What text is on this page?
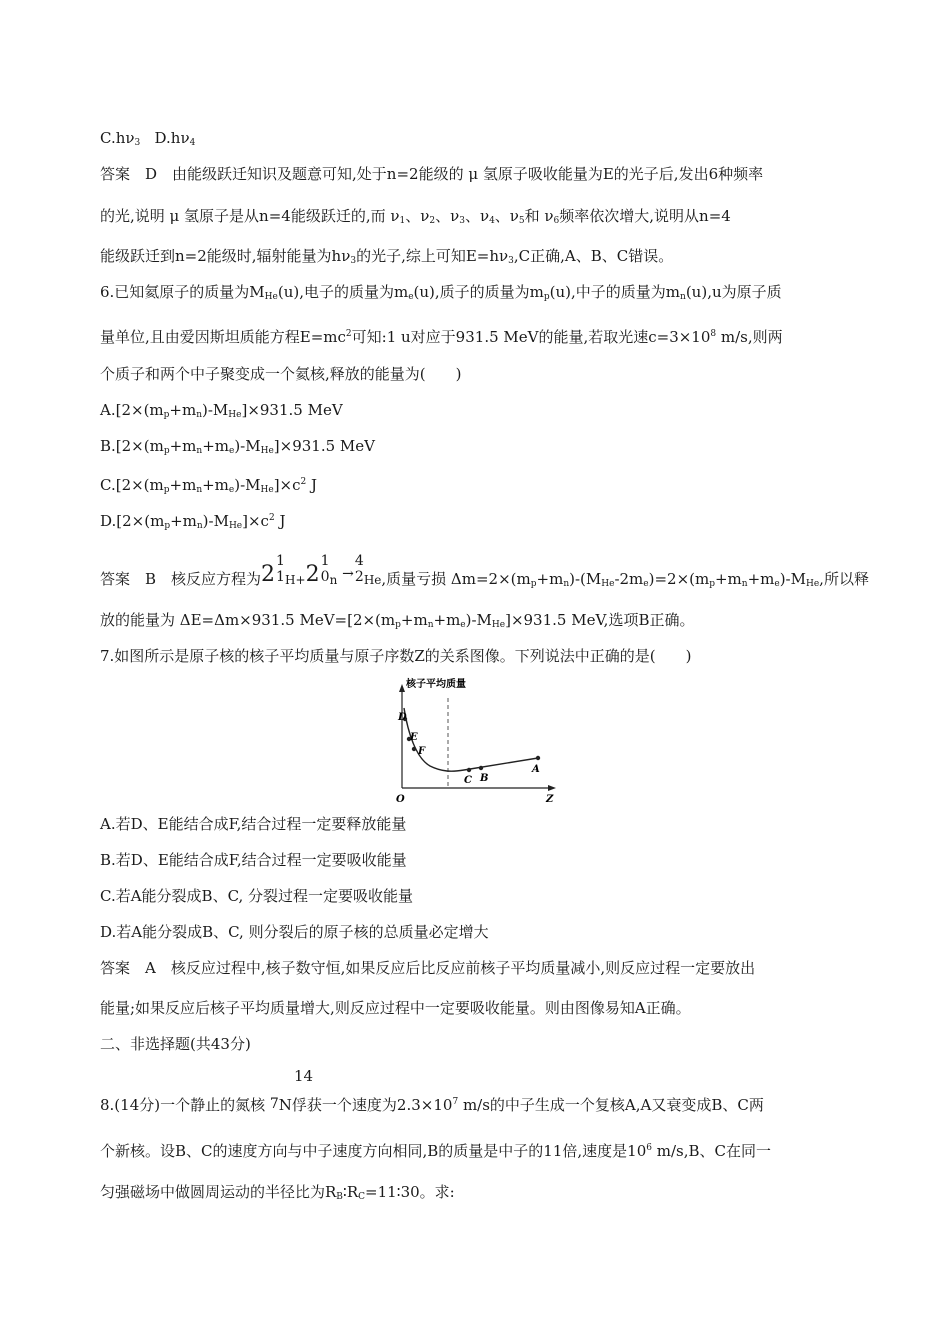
$C.h\nu_3$ $D.h\nu_4$
答案　D　由能级跃迁知识及题意可知,处于n=2能级的 μ 氢原子吸收能量为E的光子后,发出6种频率
的光,说明 μ 氢原子是从n=4能级跃迁的,而 $\nu_1$、$\nu_2$、$\nu_3$、$\nu_4$、$\nu_5$和 $\nu_6$频率依次增大,说明从n=4
能级跃迁到n=2能级时,辐射能量为$h\nu_3$的光子,综上可知$E=h\nu_3,C$正确,A、B、C错误。
6.已知氦原子的质量为$M_{He}(u)$,电子的质量为$m_e(u)$,质子的质量为$m_p(u)$,中子的质量为$m_n(u),u$为原子质
量单位,且由爱因斯坦质能方程$E=mc^2$可知:1 u对应于931.5 MeV的能量,若取光速$c=3\times 10^8$ m/s,则两
个质子和两个中子聚变成一个氦核,释放的能量为(　　)
$A.[2\times(m_p+m_n)-M_{He}]\times 931.5$ MeV
$B.[2\times(m_p+m_n+m_e)-M_{He}]\times 931.5$ MeV
$C.[2\times(m_p+m_n+m_e)-M_{He}]\times c^2$ J
$D.[2\times(m_p+m_n)-M_{He}]\times c^2$ J
答案　B　核反应方程为2
1
1 H+2
1
0 n →
4
2 He,质量亏损 $\Delta m=2\times(m_p+m_n)-(M_{He}-2m_e)=2\times(m_p+m_n+m_e)-M_{He}$,所以释
放的能量为 ΔE=Δm×931.5 $MeV=[2\times(m_p+m_n+m_e)-M_{He}]\times 931.5$ MeV,选项B正确。
7.如图所示是原子核的核子平均质量与原子序数Z的关系图像。下列说法中正确的是(　　)
核子平均质量
O	Z
D
E
F
C B
A
A.若D、E能结合成F,结合过程一定要释放能量
B.若D、E能结合成F,结合过程一定要吸收能量
C.若A能分裂成B、C, 分裂过程一定要吸收能量
D.若A能分裂成B、C, 则分裂后的原子核的总质量必定增大
答案　A　核反应过程中,核子数守恒,如果反应后比反应前核子平均质量减小,则反应过程一定要放出
能量;如果反应后核子平均质量增大,则反应过程中一定要吸收能量。则由图像易知A正确。
二、非选择题(共43分)
14
8.(14分)一个静止的氮核 7N俘获一个速度为$2.3\times 10^7$ m/s的中子生成一个复核A,A又衰变成B、C两
个新核。设B、C的速度方向与中子速度方向相同,B的质量是中子的11倍,速度是$10^6$ m/s,B、C在同一
匀强磁场中做圆周运动的半径比为$R_B∶R_C=11∶30$。求:
